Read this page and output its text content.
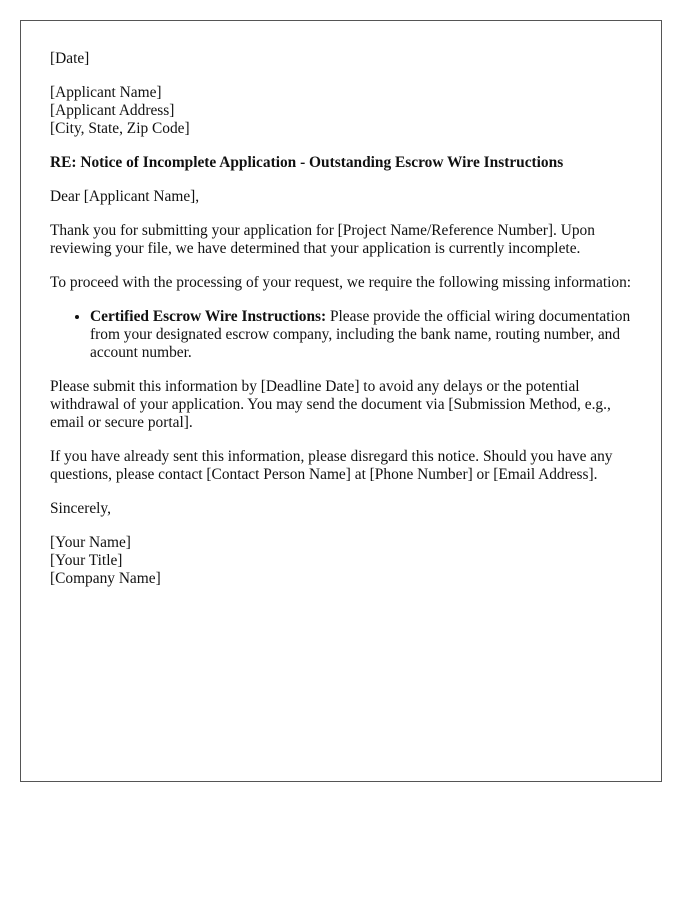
[Date]

[Applicant Name]
[Applicant Address]
[City, State, Zip Code]

RE: Notice of Incomplete Application - Outstanding Escrow Wire Instructions

Dear [Applicant Name],

Thank you for submitting your application for [Project Name/Reference Number]. Upon reviewing your file, we have determined that your application is currently incomplete.

To proceed with the processing of your request, we require the following missing information:

• Certified Escrow Wire Instructions: Please provide the official wiring documentation from your designated escrow company, including the bank name, routing number, and account number.

Please submit this information by [Deadline Date] to avoid any delays or the potential withdrawal of your application. You may send the document via [Submission Method, e.g., email or secure portal].

If you have already sent this information, please disregard this notice. Should you have any questions, please contact [Contact Person Name] at [Phone Number] or [Email Address].

Sincerely,

[Your Name]
[Your Title]
[Company Name]
